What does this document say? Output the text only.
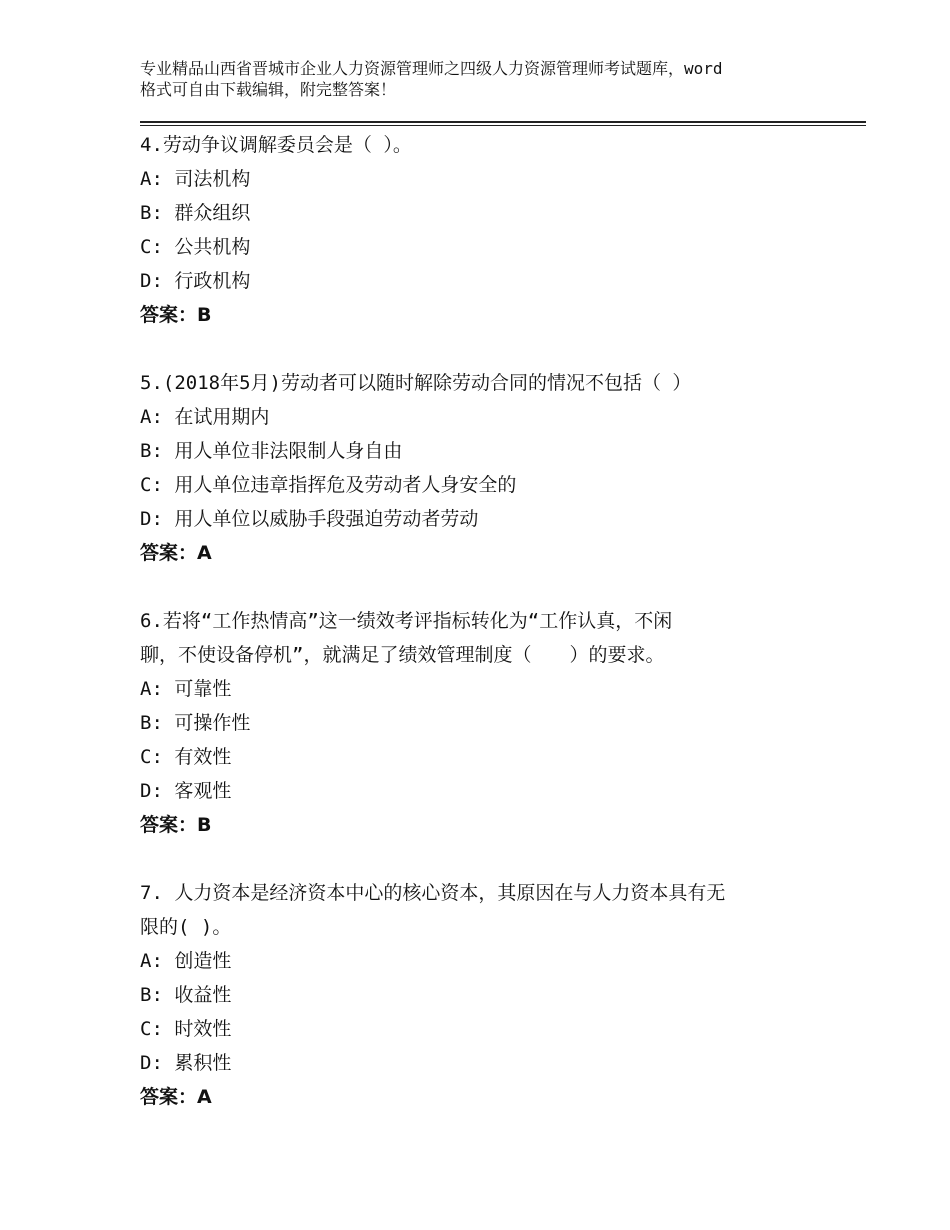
专业精品山西省晋城市企业人力资源管理师之四级人力资源管理师考试题库，word
格式可自由下载编辑，附完整答案！
4.劳动争议调解委员会是（ ）。
A: 司法机构
B: 群众组织
C: 公共机构
D: 行政机构
答案：B
5.(2018年5月)劳动者可以随时解除劳动合同的情况不包括（ ）
A: 在试用期内
B: 用人单位非法限制人身自由
C: 用人单位违章指挥危及劳动者人身安全的
D: 用人单位以威胁手段强迫劳动者劳动
答案：A
6.若将“工作热情高”这一绩效考评指标转化为“工作认真，不闲
聊，不使设备停机”，就满足了绩效管理制度（　　）的要求。
A: 可靠性
B: 可操作性
C: 有效性
D: 客观性
答案：B
7. 人力资本是经济资本中心的核心资本，其原因在与人力资本具有无
限的( )。
A: 创造性
B: 收益性
C: 时效性
D: 累积性
答案：A
